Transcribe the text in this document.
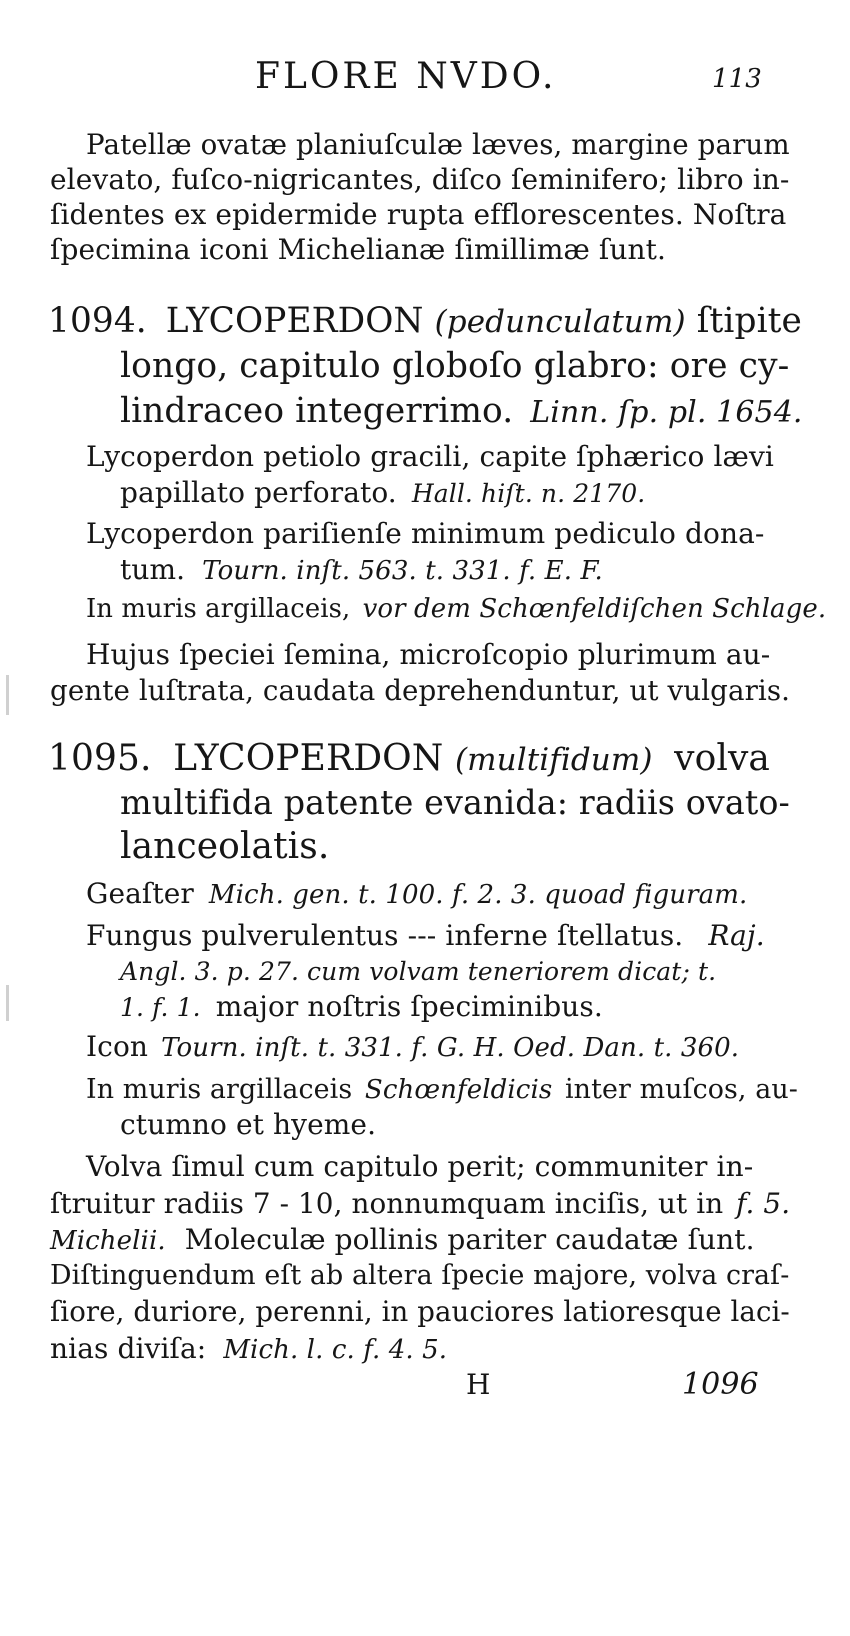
FLORE NVDO.	113
Patellæ ovatæ planiuſculæ læves, margine parum
elevato, fuſco-nigricantes, diſco ſeminifero; libro in-
ſidentes ex epidermide rupta efflorescentes. Noſtra
ſpecimina iconi Michelianæ ſimillimæ ſunt.
1094. LYCOPERDON (pedunculatum) ſtipite
longo, capitulo globoſo glabro: ore cy-
lindraceo integerrimo. Linn. ſp. pl. 1654.
Lycoperdon petiolo gracili, capite ſphærico lævi
papillato perforato. Hall. hiſt. n. 2170.
Lycoperdon pariſienſe minimum pediculo dona-
tum. Tourn. inſt. 563. t. 331. f. E. F.
In muris argillaceis, vor dem Schœnfeldiſchen Schlage.
Hujus ſpeciei ſemina, microſcopio plurimum au-
gente luſtrata, caudata deprehenduntur, ut vulgaris.
1095. LYCOPERDON (multifidum) volva
multifida patente evanida: radiis ovato-
lanceolatis.
Geaſter Mich. gen. t. 100. f. 2. 3. quoad figuram.
Fungus pulverulentus --- inferne ſtellatus. Raj.
Angl. 3. p. 27. cum volvam teneriorem dicat; t.
1. f. 1. major noſtris ſpeciminibus.
Icon Tourn. inſt. t. 331. f. G. H. Oed. Dan. t. 360.
In muris argillaceis Schœnfeldicis inter muſcos, au-
ctumno et hyeme.
Volva ſimul cum capitulo perit; communiter in-
ſtruitur radiis 7 - 10, nonnumquam inciſis, ut in f. 5.
Michelii. Moleculæ pollinis pariter caudatæ ſunt.
Diſtinguendum eſt ab altera ſpecie majore, volva craſ-
ſiore, duriore, perenni, in pauciores latioresque laci-
nias diviſa: Mich. l. c. f. 4. 5.
H	1096
